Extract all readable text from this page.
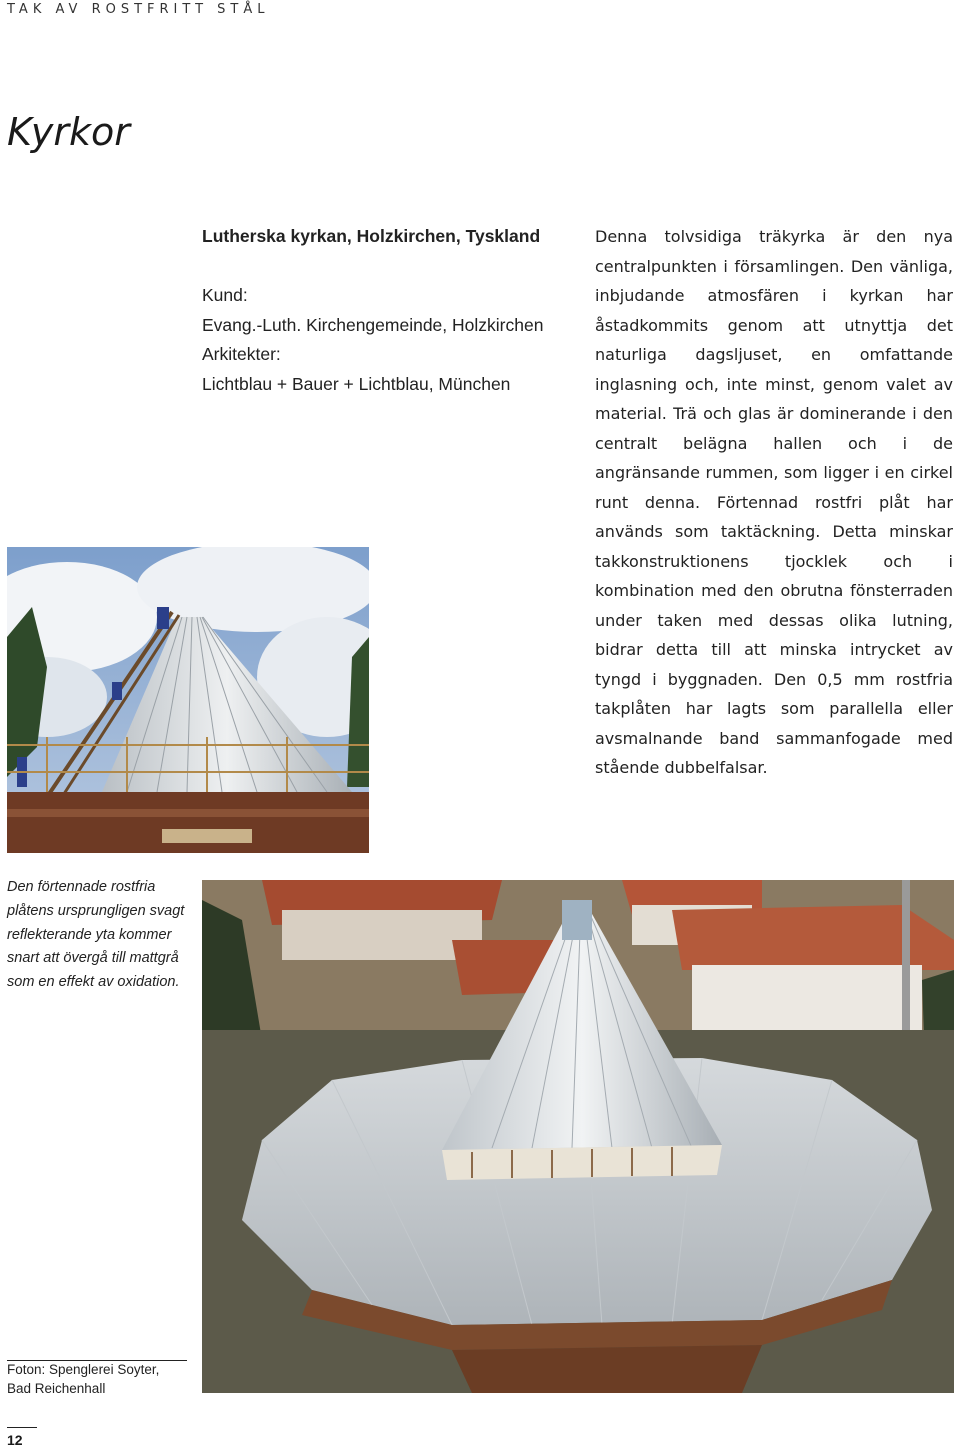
TAK AV ROSTFRITT STÅL
Kyrkor
Lutherska kyrkan, Holzkirchen, Tyskland
Kund:
Evang.-Luth. Kirchengemeinde, Holzkirchen
Arkitekter:
Lichtblau + Bauer + Lichtblau, München

Denna tolvsidiga träkyrka är den nya centralpunkten i församlingen. Den vänliga, inbjudande atmosfären i kyrkan har åstadkommits genom att utnyttja det naturliga dagsljuset, en omfattande inglasning och, inte minst, genom valet av material. Trä och glas är dominerande i den centralt belägna hallen och i de angränsande rummen, som ligger i en cirkel runt denna. Förtennad rostfri plåt har används som taktäckning. Detta minskar takkonstruktionens tjocklek och i kombination med den obrutna fönsterraden under taken med dessas olika lutning, bidrar detta till att minska intrycket av tyngd i byggnaden. Den 0,5 mm rostfria takplåten har lagts som parallella eller avsmalnande band sammanfogade med stående dubbelfalsar.

Den förtennade rostfria plåtens ursprungligen svagt reflekterande yta kommer snart att övergå till mattgrå som en effekt av oxidation.
Foton: Spenglerei Soyter,
Bad Reichenhall
12
